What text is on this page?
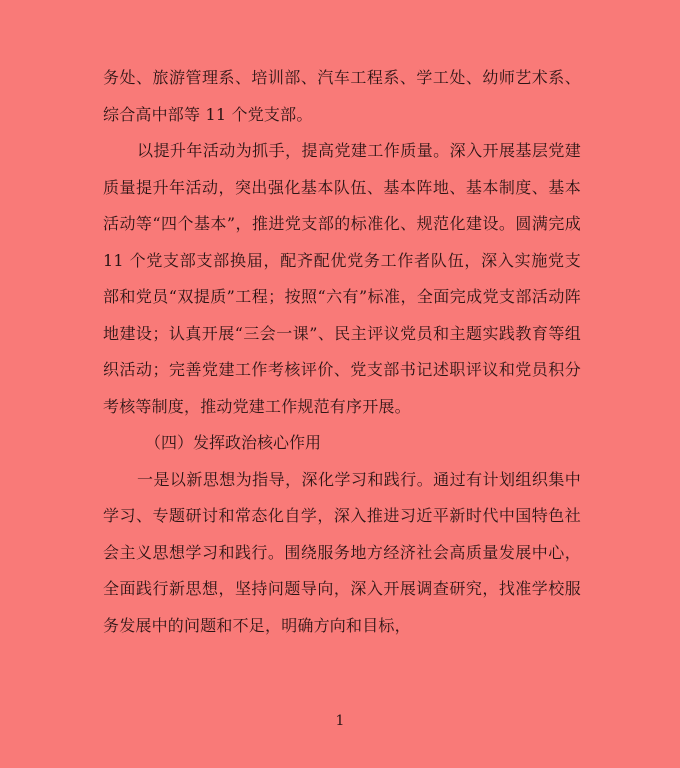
务处、旅游管理系、培训部、汽车工程系、学工处、幼师艺术系、综合高中部等 11 个党支部。

以提升年活动为抓手，提高党建工作质量。深入开展基层党建质量提升年活动，突出强化基本队伍、基本阵地、基本制度、基本活动等“四个基本”，推进党支部的标准化、规范化建设。圆满完成 11 个党支部支部换届，配齐配优党务工作者队伍，深入实施党支部和党员“双提质”工程；按照“六有”标准，全面完成党支部活动阵地建设；认真开展“三会一课”、民主评议党员和主题实践教育等组织活动；完善党建工作考核评价、党支部书记述职评议和党员积分考核等制度，推动党建工作规范有序开展。

（四）发挥政治核心作用

一是以新思想为指导，深化学习和践行。通过有计划组织集中学习、专题研讨和常态化自学，深入推进习近平新时代中国特色社会主义思想学习和践行。围绕服务地方经济社会高质量发展中心，全面践行新思想，坚持问题导向，深入开展调查研究，找准学校服务发展中的问题和不足，明确方向和目标，

1
